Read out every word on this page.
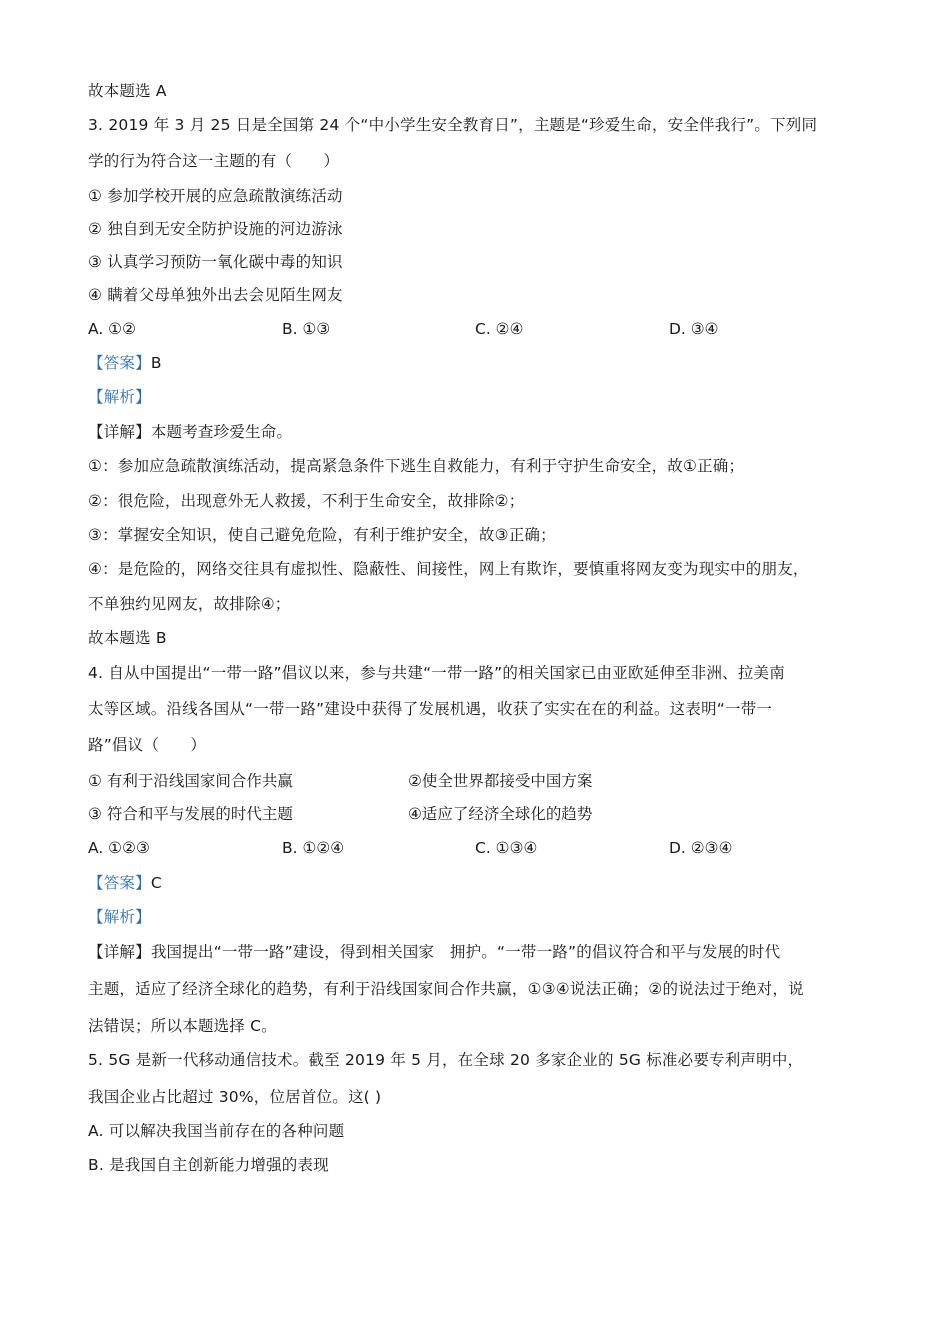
故本题选 A
3. 2019 年 3 月 25 日是全国第 24 个“中小学生安全教育日”，主题是“珍爱生命，安全伴我行”。下列同
学的行为符合这一主题的有（　　）
① 参加学校开展的应急疏散演练活动
② 独自到无安全防护设施的河边游泳
③ 认真学习预防一氧化碳中毒的知识
④ 瞒着父母单独外出去会见陌生网友
A. ①②	B. ①③	C. ②④	D. ③④
【答案】B
【解析】
【详解】本题考查珍爱生命。
①：参加应急疏散演练活动，提高紧急条件下逃生自救能力，有利于守护生命安全，故①正确；
②：很危险，出现意外无人救援，不利于生命安全，故排除②；
③：掌握安全知识，使自己避免危险，有利于维护安全，故③正确；
④：是危险的，网络交往具有虚拟性、隐蔽性、间接性，网上有欺诈，要慎重将网友变为现实中的朋友，
不单独约见网友，故排除④；
故本题选 B
4. 自从中国提出“一带一路”倡议以来，参与共建“一带一路”的相关国家已由亚欧延伸至非洲、拉美南
太等区域。沿线各国从“一带一路”建设中获得了发展机遇，收获了实实在在的利益。这表明“一带一
路”倡议（　　）
① 有利于沿线国家间合作共赢	②使全世界都接受中国方案
③ 符合和平与发展的时代主题	④适应了经济全球化的趋势
A. ①②③	B. ①②④	C. ①③④	D. ②③④
【答案】C
【解析】
【详解】我国提出“一带一路”建设，得到相关国家　拥护。“一带一路”的倡议符合和平与发展的时代
主题，适应了经济全球化的趋势，有利于沿线国家间合作共赢，①③④说法正确；②的说法过于绝对，说
法错误；所以本题选择 C。
5. 5G 是新一代移动通信技术。截至 2019 年 5 月，在全球 20 多家企业的 5G 标准必要专利声明中，
我国企业占比超过 30%，位居首位。这( )
A. 可以解决我国当前存在的各种问题
B. 是我国自主创新能力增强的表现
